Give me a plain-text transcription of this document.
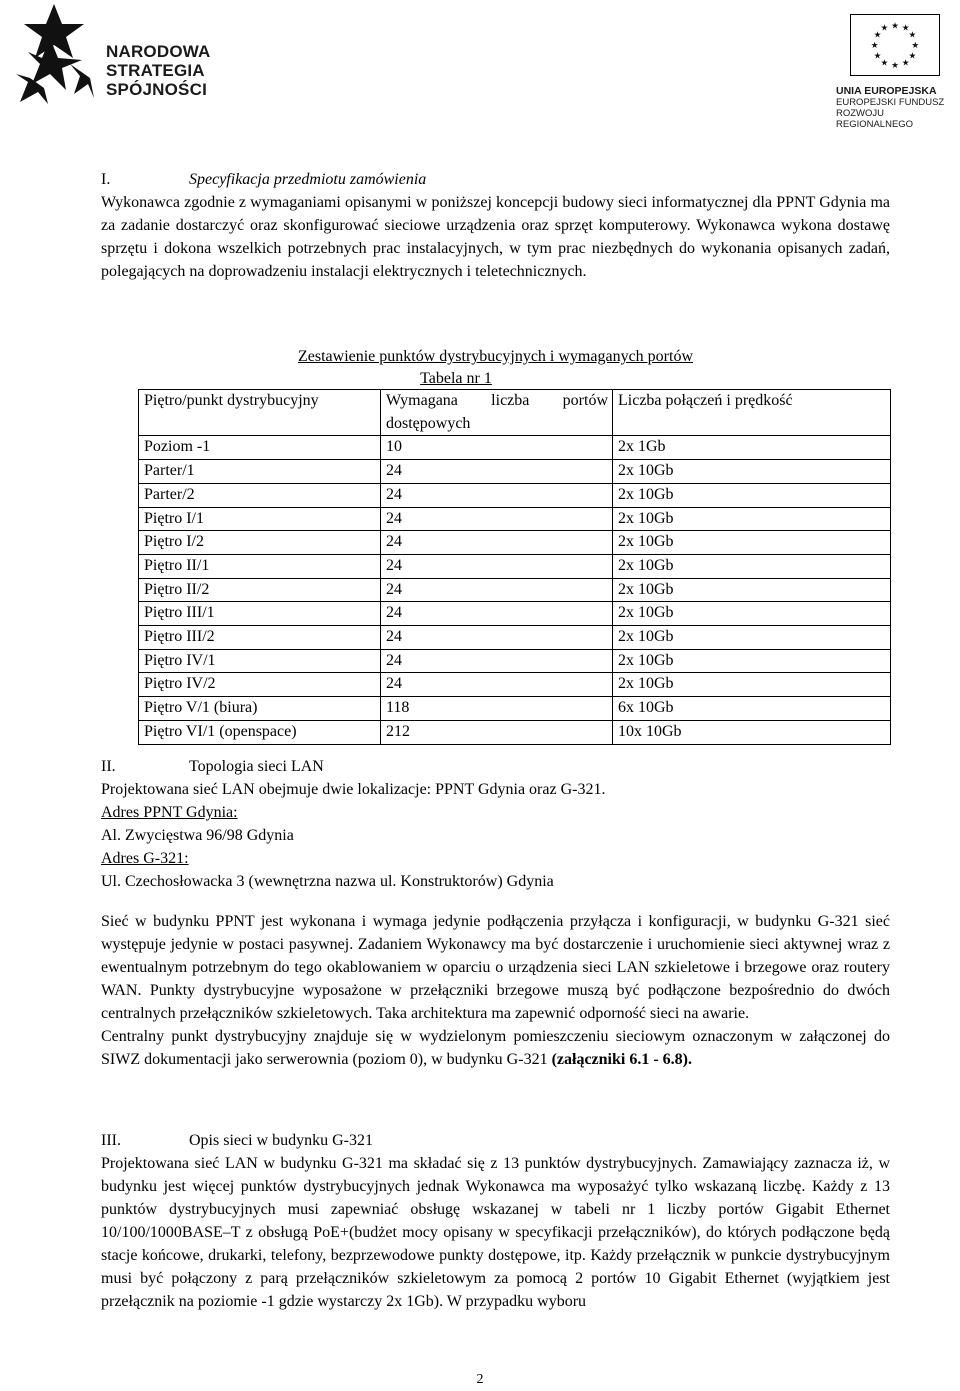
NARODOWA
STRATEGIA SPÓJNOŚCI
★ ★
★
★
★
★
★
★
★
★
★
★
UNIA EUROPEJSKA
EUROPEJSKI FUNDUSZ
ROZWOJU REGIONALNEGO
I.	Specyfikacja przedmiotu zamówienia

Wykonawca zgodnie z wymaganiami opisanymi w poniższej koncepcji budowy sieci informatycznej dla PPNT Gdynia ma za zadanie dostarczyć oraz skonfigurować sieciowe urządzenia oraz sprzęt komputerowy. Wykonawca wykona dostawę sprzętu i dokona wszelkich potrzebnych prac instalacyjnych, w tym prac niezbędnych do wykonania opisanych zadań, polegających na doprowadzeniu instalacji elektrycznych i teletechnicznych.

Zestawienie punktów dystrybucyjnych i wymaganych portów
Tabela nr 1
Piętro/punkt dystrybucyjny	Wymagana liczba portów dostępowych	Liczba połączeń i prędkość
Poziom -1	10	2x 1Gb
Parter/1	24	2x 10Gb
Parter/2	24	2x 10Gb
Piętro I/1	24	2x 10Gb
Piętro I/2	24	2x 10Gb
Piętro II/1	24	2x 10Gb
Piętro II/2	24	2x 10Gb
Piętro III/1	24	2x 10Gb
Piętro III/2	24	2x 10Gb
Piętro IV/1	24	2x 10Gb
Piętro IV/2	24	2x 10Gb
Piętro V/1 (biura)	118	6x 10Gb
Piętro VI/1 (openspace)	212	10x 10Gb
II.	Topologia sieci LAN

Projektowana sieć LAN obejmuje dwie lokalizacje: PPNT Gdynia oraz G-321.

Adres PPNT Gdynia:
Al. Zwycięstwa 96/98 Gdynia
Adres G-321:
Ul. Czechosłowacka 3 (wewnętrzna nazwa ul. Konstruktorów) Gdynia

Sieć w budynku PPNT jest wykonana i wymaga jedynie podłączenia przyłącza i konfiguracji, w budynku G-321 sieć występuje jedynie w postaci pasywnej. Zadaniem Wykonawcy ma być dostarczenie i uruchomienie sieci aktywnej wraz z ewentualnym potrzebnym do tego okablowaniem w oparciu o urządzenia sieci LAN szkieletowe i brzegowe oraz routery WAN. Punkty dystrybucyjne wyposażone w przełączniki brzegowe muszą być podłączone bezpośrednio do dwóch centralnych przełączników szkieletowych. Taka architektura ma zapewnić odporność sieci na awarie.

Centralny punkt dystrybucyjny znajduje się w wydzielonym pomieszczeniu sieciowym oznaczonym w załączonej do SIWZ dokumentacji jako serwerownia (poziom 0), w budynku G-321 (załączniki 6.1 - 6.8).

III.	Opis sieci w budynku G-321

Projektowana sieć LAN w budynku G-321 ma składać się z 13 punktów dystrybucyjnych. Zamawiający zaznacza iż, w budynku jest więcej punktów dystrybucyjnych jednak Wykonawca ma wyposażyć tylko wskazaną liczbę. Każdy z 13 punktów dystrybucyjnych musi zapewniać obsługę wskazanej w tabeli nr 1 liczby portów Gigabit Ethernet 10/100/1000BASE–T z obsługą PoE+(budżet mocy opisany w specyfikacji przełączników), do których podłączone będą stacje końcowe, drukarki, telefony, bezprzewodowe punkty dostępowe, itp. Każdy przełącznik w punkcie dystrybucyjnym musi być połączony z parą przełączników szkieletowym za pomocą 2 portów 10 Gigabit Ethernet (wyjątkiem jest przełącznik na poziomie -1 gdzie wystarczy 2x 1Gb). W przypadku wyboru

2
